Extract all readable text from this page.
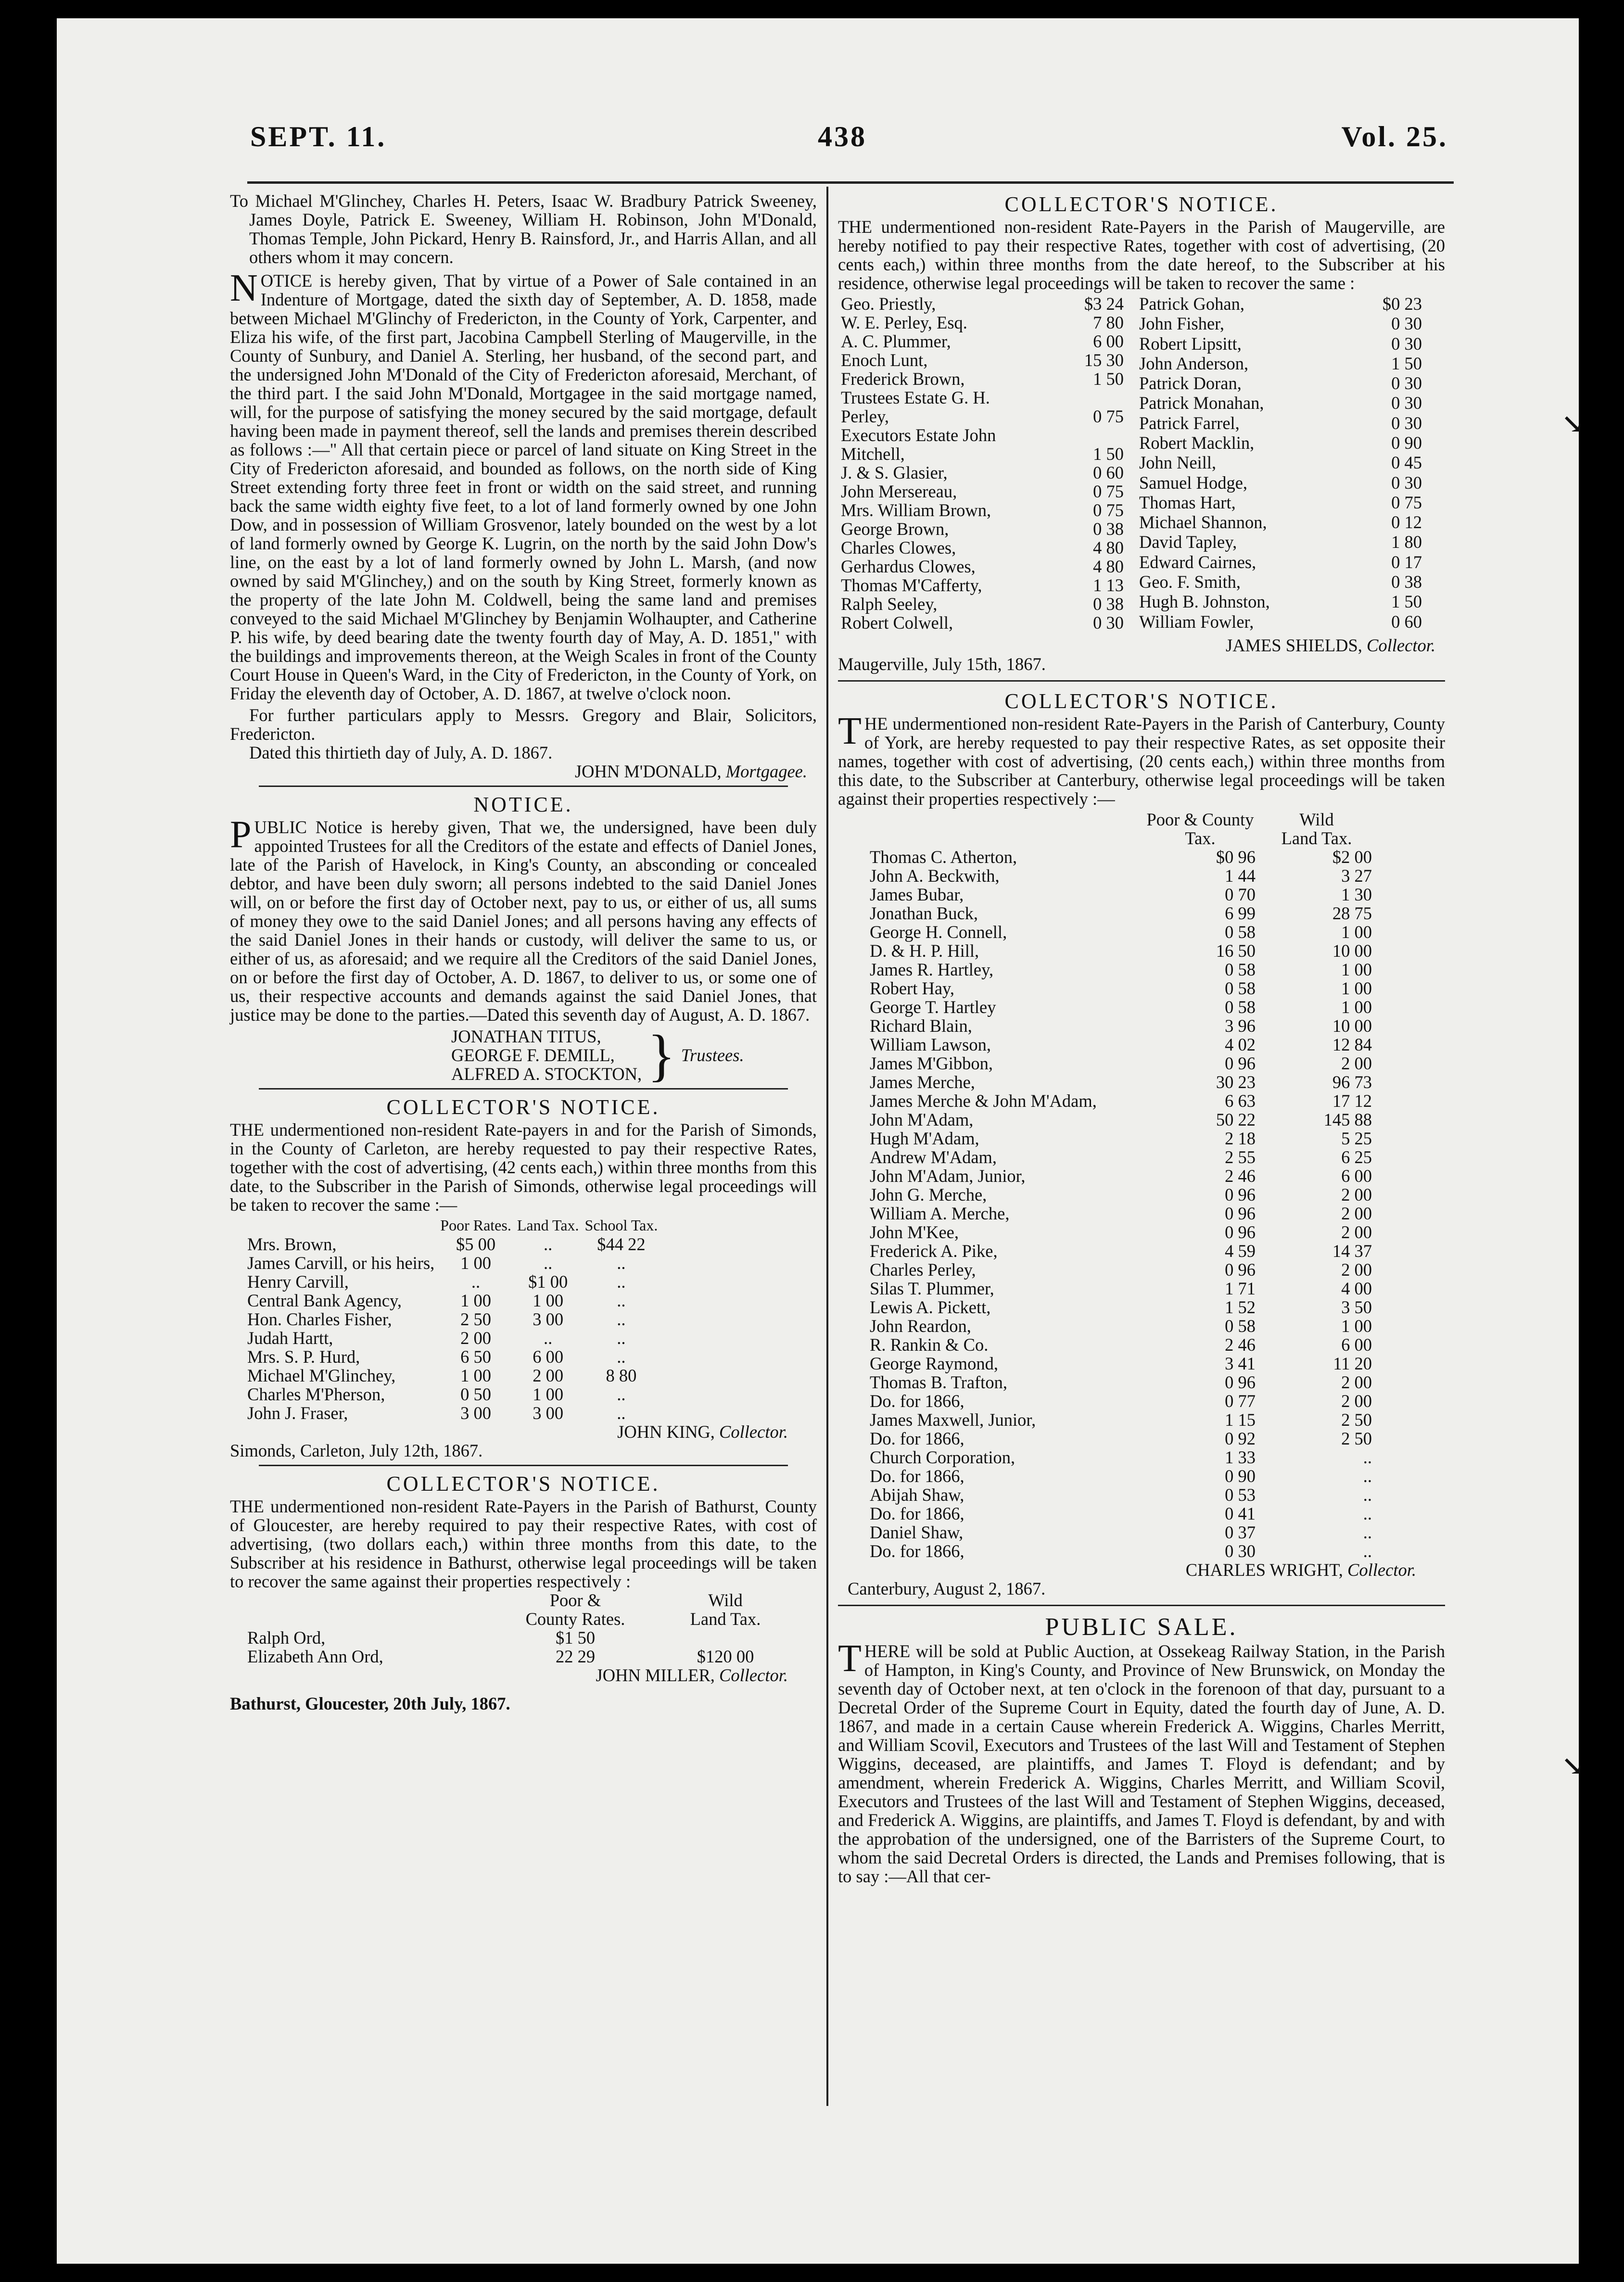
SEPT. 11.	438	Vol. 25.
↘
↘

To Michael M'Glinchey, Charles H. Peters, Isaac W. Bradbury Patrick Sweeney, James Doyle, Patrick E. Sweeney, William H. Robinson, John M'Donald, Thomas Temple, John Pickard, Henry B. Rainsford, Jr., and Harris Allan, and all others whom it may concern.

NOTICE is hereby given, That by virtue of a Power of Sale contained in an Indenture of Mortgage, dated the sixth day of September, A. D. 1858, made between Michael M'Glinchy of Fredericton, in the County of York, Carpenter, and Eliza his wife, of the first part, Jacobina Campbell Sterling of Maugerville, in the County of Sunbury, and Daniel A. Sterling, her husband, of the second part, and the undersigned John M'Donald of the City of Fredericton aforesaid, Merchant, of the third part. I the said John M'Donald, Mortgagee in the said mortgage named, will, for the purpose of satisfying the money secured by the said mortgage, default having been made in payment thereof, sell the lands and premises therein described as follows :—" All that certain piece or parcel of land situate on King Street in the City of Fredericton aforesaid, and bounded as follows, on the north side of King Street extending forty three feet in front or width on the said street, and running back the same width eighty five feet, to a lot of land formerly owned by one John Dow, and in possession of William Grosvenor, lately bounded on the west by a lot of land formerly owned by George K. Lugrin, on the north by the said John Dow's line, on the east by a lot of land formerly owned by John L. Marsh, (and now owned by said M'Glinchey,) and on the south by King Street, formerly known as the property of the late John M. Coldwell, being the same land and premises conveyed to the said Michael M'Glinchey by Benjamin Wolhaupter, and Catherine P. his wife, by deed bearing date the twenty fourth day of May, A. D. 1851," with the buildings and improvements thereon, at the Weigh Scales in front of the County Court House in Queen's Ward, in the City of Fredericton, in the County of York, on Friday the eleventh day of October, A. D. 1867, at twelve o'clock noon.

For further particulars apply to Messrs. Gregory and Blair, Solicitors, Fredericton.

Dated this thirtieth day of July, A. D. 1867.

JOHN M'DONALD, Mortgagee.

NOTICE.

PUBLIC Notice is hereby given, That we, the undersigned, have been duly appointed Trustees for all the Creditors of the estate and effects of Daniel Jones, late of the Parish of Havelock, in King's County, an absconding or concealed debtor, and have been duly sworn; all persons indebted to the said Daniel Jones will, on or before the first day of October next, pay to us, or either of us, all sums of money they owe to the said Daniel Jones; and all persons having any effects of the said Daniel Jones in their hands or custody, will deliver the same to us, or either of us, as aforesaid; and we require all the Creditors of the said Daniel Jones, on or before the first day of October, A. D. 1867, to deliver to us, or some one of us, their respective accounts and demands against the said Daniel Jones, that justice may be done to the parties.—Dated this seventh day of August, A. D. 1867.

JONATHAN TITUS,
GEORGE F. DEMILL,
ALFRED A. STOCKTON, } Trustees.

COLLECTOR'S NOTICE.

THE undermentioned non-resident Rate-payers in and for the Parish of Simonds, in the County of Carleton, are hereby requested to pay their respective Rates, together with the cost of advertising, (42 cents each,) within three months from this date, to the Subscriber in the Parish of Simonds, otherwise legal proceedings will be taken to recover the same :—

	Poor Rates.	Land Tax.	School Tax.
Mrs. Brown,	$5 00	..	$44 22
James Carvill, or his heirs,	1 00	..	..
Henry Carvill,	..	$1 00	..
Central Bank Agency,	1 00	1 00	..
Hon. Charles Fisher,	2 50	3 00	..
Judah Hartt,	2 00	..	..
Mrs. S. P. Hurd,	6 50	6 00	..
Michael M'Glinchey,	1 00	2 00	8 80
Charles M'Pherson,	0 50	1 00	..
John J. Fraser,	3 00	3 00	..

JOHN KING, Collector.

Simonds, Carleton, July 12th, 1867.

COLLECTOR'S NOTICE.

THE undermentioned non-resident Rate-Payers in the Parish of Bathurst, County of Gloucester, are hereby required to pay their respective Rates, with cost of advertising, (two dollars each,) within three months from this date, to the Subscriber at his residence in Bathurst, otherwise legal proceedings will be taken to recover the same against their properties respectively :

	Poor &	Wild
	County Rates.	Land Tax.
Ralph Ord,	$1 50	
Elizabeth Ann Ord,	22 29	$120 00

JOHN MILLER, Collector.

Bathurst, Gloucester, 20th July, 1867.

COLLECTOR'S NOTICE.

THE undermentioned non-resident Rate-Payers in the Parish of Maugerville, are hereby notified to pay their respective Rates, together with cost of advertising, (20 cents each,) within three months from the date hereof, to the Subscriber at his residence, otherwise legal proceedings will be taken to recover the same :

Geo. Priestly,	$3 24
W. E. Perley, Esq.	7 80
A. C. Plummer,	6 00
Enoch Lunt,	15 30
Frederick Brown,	1 50
Trustees Estate G. H.	
Perley,	0 75
Executors Estate John	
Mitchell,	1 50
J. & S. Glasier,	0 60
John Mersereau,	0 75
Mrs. William Brown,	0 75
George Brown,	0 38
Charles Clowes,	4 80
Gerhardus Clowes,	4 80
Thomas M'Cafferty,	1 13
Ralph Seeley,	0 38
Robert Colwell,	0 30
Patrick Gohan,	$0 23
John Fisher,	0 30
Robert Lipsitt,	0 30
John Anderson,	1 50
Patrick Doran,	0 30
Patrick Monahan,	0 30
Patrick Farrel,	0 30
Robert Macklin,	0 90
John Neill,	0 45
Samuel Hodge,	0 30
Thomas Hart,	0 75
Michael Shannon,	0 12
David Tapley,	1 80
Edward Cairnes,	0 17
Geo. F. Smith,	0 38
Hugh B. Johnston,	1 50
William Fowler,	0 60

JAMES SHIELDS, Collector.

Maugerville, July 15th, 1867.

COLLECTOR'S NOTICE.

THE undermentioned non-resident Rate-Payers in the Parish of Canterbury, County of York, are hereby requested to pay their respective Rates, as set opposite their names, together with cost of advertising, (20 cents each,) within three months from this date, to the Subscriber at Canterbury, otherwise legal proceedings will be taken against their properties respectively :—

	Poor & County	Wild
	Tax.	Land Tax.
Thomas C. Atherton,	$0 96	$2 00
John A. Beckwith,	1 44	3 27
James Bubar,	0 70	1 30
Jonathan Buck,	6 99	28 75
George H. Connell,	0 58	1 00
D. & H. P. Hill,	16 50	10 00
James R. Hartley,	0 58	1 00
Robert Hay,	0 58	1 00
George T. Hartley	0 58	1 00
Richard Blain,	3 96	10 00
William Lawson,	4 02	12 84
James M'Gibbon,	0 96	2 00
James Merche,	30 23	96 73
James Merche & John M'Adam,	6 63	17 12
John M'Adam,	50 22	145 88
Hugh M'Adam,	2 18	5 25
Andrew M'Adam,	2 55	6 25
John M'Adam, Junior,	2 46	6 00
John G. Merche,	0 96	2 00
William A. Merche,	0 96	2 00
John M'Kee,	0 96	2 00
Frederick A. Pike,	4 59	14 37
Charles Perley,	0 96	2 00
Silas T. Plummer,	1 71	4 00
Lewis A. Pickett,	1 52	3 50
John Reardon,	0 58	1 00
R. Rankin & Co.	2 46	6 00
George Raymond,	3 41	11 20
Thomas B. Trafton,	0 96	2 00
Do. for 1866,	0 77	2 00
James Maxwell, Junior,	1 15	2 50
Do. for 1866,	0 92	2 50
Church Corporation,	1 33	..
Do. for 1866,	0 90	..
Abijah Shaw,	0 53	..
Do. for 1866,	0 41	..
Daniel Shaw,	0 37	..
Do. for 1866,	0 30	..

CHARLES WRIGHT, Collector.

Canterbury, August 2, 1867.

PUBLIC SALE.

THERE will be sold at Public Auction, at Ossekeag Railway Station, in the Parish of Hampton, in King's County, and Province of New Brunswick, on Monday the seventh day of October next, at ten o'clock in the forenoon of that day, pursuant to a Decretal Order of the Supreme Court in Equity, dated the fourth day of June, A. D. 1867, and made in a certain Cause wherein Frederick A. Wiggins, Charles Merritt, and William Scovil, Executors and Trustees of the last Will and Testament of Stephen Wiggins, deceased, are plaintiffs, and James T. Floyd is defendant; and by amendment, wherein Frederick A. Wiggins, Charles Merritt, and William Scovil, Executors and Trustees of the last Will and Testament of Stephen Wiggins, deceased, and Frederick A. Wiggins, are plaintiffs, and James T. Floyd is defendant, by and with the approbation of the undersigned, one of the Barristers of the Supreme Court, to whom the said Decretal Orders is directed, the Lands and Premises following, that is to say :—All that cer-
